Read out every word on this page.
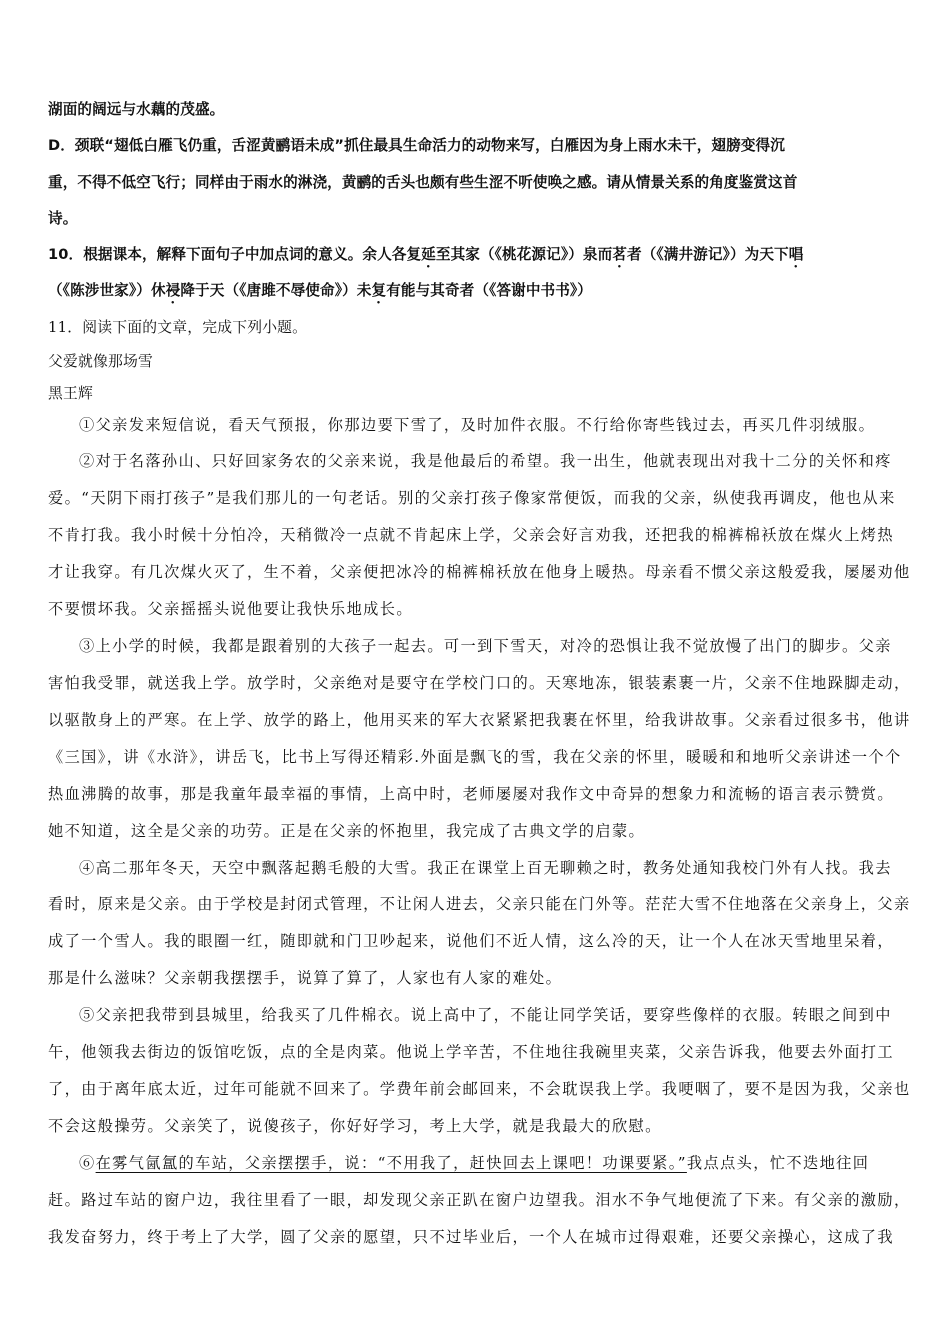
湖面的阔远与水藕的茂盛。
D．颈联“翅低白雁飞仍重，舌涩黄鹂语未成”抓住最具生命活力的动物来写，白雁因为身上雨水未干，翅膀变得沉
重，不得不低空飞行；同样由于雨水的淋浇，黄鹂的舌头也颇有些生涩不听使唤之感。请从情景关系的角度鉴赏这首
诗。
10．根据课本，解释下面句子中加点词的意义。余人各复延至其家（《桃花源记》）泉而茗者（《满井游记》）为天下唱
（《陈涉世家》）休祲降于天（《唐雎不辱使命》）未复有能与其奇者（《答谢中书书》）
11．阅读下面的文章，完成下列小题。
父爱就像那场雪
黑王辉
①父亲发来短信说，看天气预报，你那边要下雪了，及时加件衣服。不行给你寄些钱过去，再买几件羽绒服。
②对于名落孙山、只好回家务农的父亲来说，我是他最后的希望。我一出生，他就表现出对我十二分的关怀和疼
爱。“天阴下雨打孩子”是我们那儿的一句老话。别的父亲打孩子像家常便饭，而我的父亲，纵使我再调皮，他也从来
不肯打我。我小时候十分怕冷，天稍微冷一点就不肯起床上学，父亲会好言劝我，还把我的棉裤棉袄放在煤火上烤热
才让我穿。有几次煤火灭了，生不着，父亲便把冰冷的棉裤棉袄放在他身上暖热。母亲看不惯父亲这般爱我，屡屡劝他
不要惯坏我。父亲摇摇头说他要让我快乐地成长。
③上小学的时候，我都是跟着别的大孩子一起去。可一到下雪天，对冷的恐惧让我不觉放慢了出门的脚步。父亲
害怕我受罪，就送我上学。放学时，父亲绝对是要守在学校门口的。天寒地冻，银装素裹一片，父亲不住地跺脚走动，
以驱散身上的严寒。在上学、放学的路上，他用买来的军大衣紧紧把我裹在怀里，给我讲故事。父亲看过很多书，他讲
《三国》，讲《水浒》，讲岳飞，比书上写得还精彩.外面是飘飞的雪，我在父亲的怀里，暖暖和和地听父亲讲述一个个
热血沸腾的故事，那是我童年最幸福的事情，上高中时，老师屡屡对我作文中奇异的想象力和流畅的语言表示赞赏。
她不知道，这全是父亲的功劳。正是在父亲的怀抱里，我完成了古典文学的启蒙。
④高二那年冬天，天空中飘落起鹅毛般的大雪。我正在课堂上百无聊赖之时，教务处通知我校门外有人找。我去
看时，原来是父亲。由于学校是封闭式管理，不让闲人进去，父亲只能在门外等。茫茫大雪不住地落在父亲身上，父亲
成了一个雪人。我的眼圈一红，随即就和门卫吵起来，说他们不近人情，这么冷的天，让一个人在冰天雪地里呆着，
那是什么滋味？父亲朝我摆摆手，说算了算了，人家也有人家的难处。
⑤父亲把我带到县城里，给我买了几件棉衣。说上高中了，不能让同学笑话，要穿些像样的衣服。转眼之间到中
午，他领我去街边的饭馆吃饭，点的全是肉菜。他说上学辛苦，不住地往我碗里夹菜，父亲告诉我，他要去外面打工
了，由于离年底太近，过年可能就不回来了。学费年前会邮回来，不会耽误我上学。我哽咽了，要不是因为我，父亲也
不会这般操劳。父亲笑了，说傻孩子，你好好学习，考上大学，就是我最大的欣慰。
⑥在雾气氤氲的车站，父亲摆摆手，说：“不用我了，赶快回去上课吧！功课要紧。”我点点头，忙不迭地往回
赶。路过车站的窗户边，我往里看了一眼，却发现父亲正趴在窗户边望我。泪水不争气地便流了下来。有父亲的激励，
我发奋努力，终于考上了大学，圆了父亲的愿望，只不过毕业后，一个人在城市过得艰难，还要父亲操心，这成了我
